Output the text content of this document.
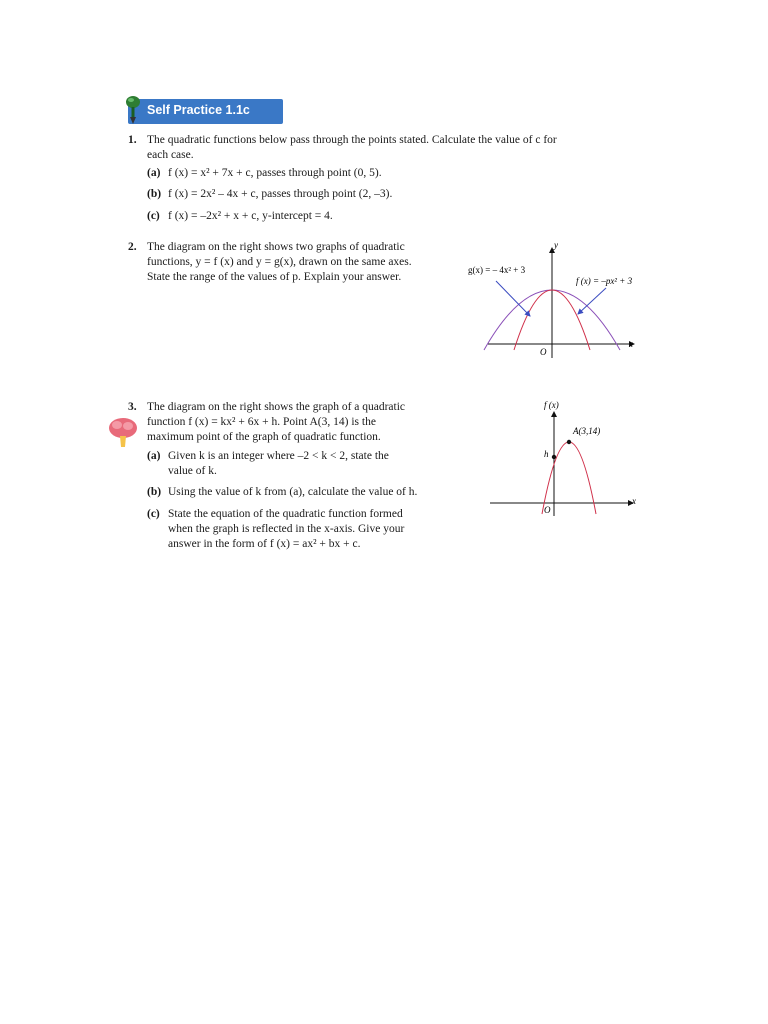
Self Practice 1.1c
1. The quadratic functions below pass through the points stated. Calculate the value of c for
each case.
(a) f (x) = x² + 7x + c, passes through point (0, 5).
(b) f (x) = 2x² – 4x + c, passes through point (2, –3).
(c) f (x) = –2x² + x + c, y-intercept = 4.
2. The diagram on the right shows two graphs of quadratic
functions, y = f (x) and y = g(x), drawn on the same axes.
State the range of the values of p. Explain your answer.
g(x) = – 4x² + 3
f (x) = –px² + 3
y
x
O
3. The diagram on the right shows the graph of a quadratic
function f (x) = kx² + 6x + h. Point A(3, 14) is the
maximum point of the graph of quadratic function.
(a) Given k is an integer where –2 < k < 2, state the
value of k.
(b) Using the value of k from (a), calculate the value of h.
(c) State the equation of the quadratic function formed
when the graph is reflected in the x-axis. Give your
answer in the form of f (x) = ax² + bx + c.
f (x)
x
A(3,14)
h
O
